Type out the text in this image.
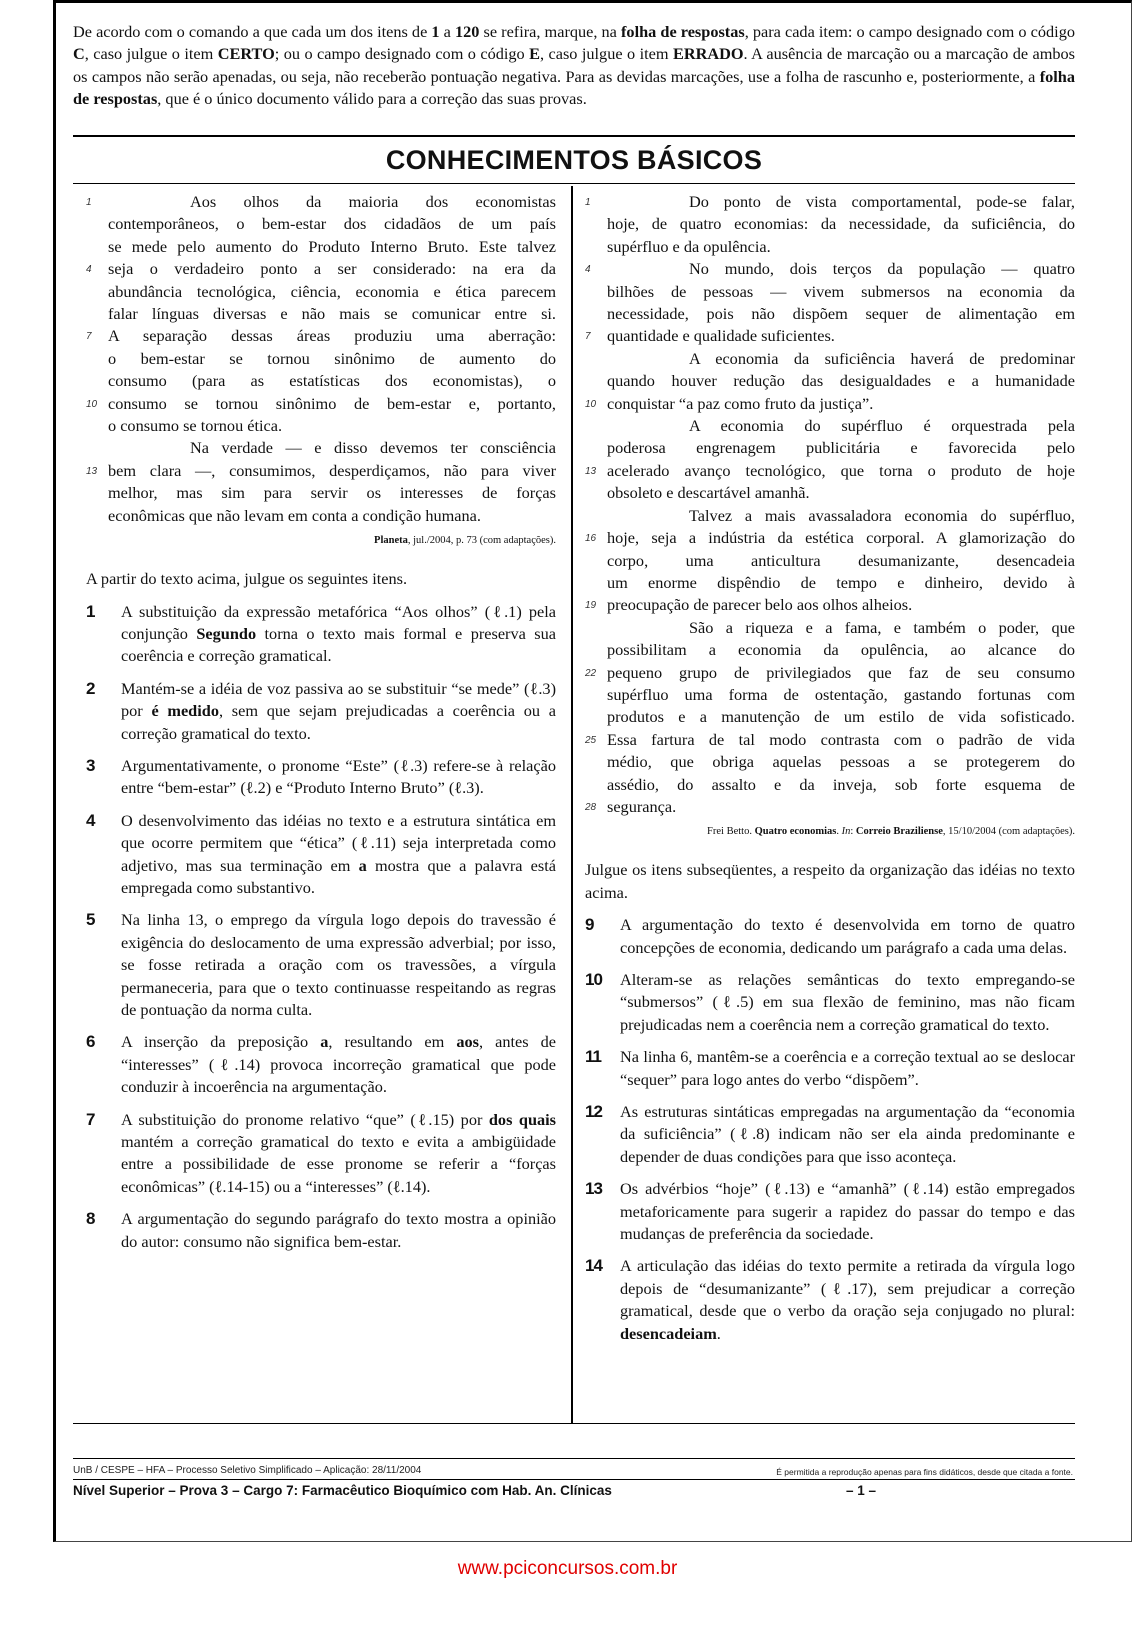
De acordo com o comando a que cada um dos itens de 1 a 120 se refira, marque, na folha de respostas, para cada item: o campo designado com o código C, caso julgue o item CERTO; ou o campo designado com o código E, caso julgue o item ERRADO. A ausência de marcação ou a marcação de ambos os campos não serão apenadas, ou seja, não receberão pontuação negativa. Para as devidas marcações, use a folha de rascunho e, posteriormente, a folha de respostas, que é o único documento válido para a correção das suas provas.
CONHECIMENTOS BÁSICOS
1	Aos olhos da maioria dos economistas
contemporâneos, o bem-estar dos cidadãos de um país
se mede pelo aumento do Produto Interno Bruto. Este talvez
4 seja o verdadeiro ponto a ser considerado: na era da
abundância tecnológica, ciência, economia e ética parecem
falar línguas diversas e não mais se comunicar entre si.
7 A separação dessas áreas produziu uma aberração:
o bem-estar se tornou sinônimo de aumento do
consumo (para as estatísticas dos economistas), o
10 consumo se tornou sinônimo de bem-estar e, portanto,
o consumo se tornou ética.
Na verdade — e disso devemos ter consciência
13 bem clara —, consumimos, desperdiçamos, não para viver
melhor, mas sim para servir os interesses de forças
econômicas que não levam em conta a condição humana.
Planeta, jul./2004, p. 73 (com adaptações).
A partir do texto acima, julgue os seguintes itens.
1 A substituição da expressão metafórica “Aos olhos” (ℓ.1) pela conjunção Segundo torna o texto mais formal e preserva sua coerência e correção gramatical.
2 Mantém-se a idéia de voz passiva ao se substituir “se mede” (ℓ.3) por é medido, sem que sejam prejudicadas a coerência ou a correção gramatical do texto.
3 Argumentativamente, o pronome “Este” (ℓ.3) refere-se à relação entre “bem-estar” (ℓ.2) e “Produto Interno Bruto” (ℓ.3).
4 O desenvolvimento das idéias no texto e a estrutura sintática em que ocorre permitem que “ética” (ℓ.11) seja interpretada como adjetivo, mas sua terminação em a mostra que a palavra está empregada como substantivo.
5 Na linha 13, o emprego da vírgula logo depois do travessão é exigência do deslocamento de uma expressão adverbial; por isso, se fosse retirada a oração com os travessões, a vírgula permaneceria, para que o texto continuasse respeitando as regras de pontuação da norma culta.
6 A inserção da preposição a, resultando em aos, antes de “interesses” (ℓ.14) provoca incorreção gramatical que pode conduzir à incoerência na argumentação.
7 A substituição do pronome relativo “que” (ℓ.15) por dos quais mantém a correção gramatical do texto e evita a ambigüidade entre a possibilidade de esse pronome se referir a “forças econômicas” (ℓ.14-15) ou a “interesses” (ℓ.14).
8 A argumentação do segundo parágrafo do texto mostra a opinião do autor: consumo não significa bem-estar.
1	Do ponto de vista comportamental, pode-se falar,
hoje, de quatro economias: da necessidade, da suficiência, do
supérfluo e da opulência.
4	No mundo, dois terços da população — quatro
bilhões de pessoas — vivem submersos na economia da
necessidade, pois não dispõem sequer de alimentação em
7 quantidade e qualidade suficientes.
A economia da suficiência haverá de predominar
quando houver redução das desigualdades e a humanidade
10 conquistar “a paz como fruto da justiça”.
A economia do supérfluo é orquestrada pela
poderosa engrenagem publicitária e favorecida pelo
13 acelerado avanço tecnológico, que torna o produto de hoje
obsoleto e descartável amanhã.
Talvez a mais avassaladora economia do supérfluo,
16 hoje, seja a indústria da estética corporal. A glamorização do
corpo, uma anticultura desumanizante, desencadeia
um enorme dispêndio de tempo e dinheiro, devido à
19 preocupação de parecer belo aos olhos alheios.
São a riqueza e a fama, e também o poder, que
possibilitam a economia da opulência, ao alcance do
22 pequeno grupo de privilegiados que faz de seu consumo
supérfluo uma forma de ostentação, gastando fortunas com
produtos e a manutenção de um estilo de vida sofisticado.
25 Essa fartura de tal modo contrasta com o padrão de vida
médio, que obriga aquelas pessoas a se protegerem do
assédio, do assalto e da inveja, sob forte esquema de
28 segurança.
Frei Betto. Quatro economias. In: Correio Braziliense, 15/10/2004 (com adaptações).
Julgue os itens subseqüentes, a respeito da organização das idéias no texto acima.
9 A argumentação do texto é desenvolvida em torno de quatro concepções de economia, dedicando um parágrafo a cada uma delas.
10 Alteram-se as relações semânticas do texto empregando-se “submersos” (ℓ.5) em sua flexão de feminino, mas não ficam prejudicadas nem a coerência nem a correção gramatical do texto.
11 Na linha 6, mantêm-se a coerência e a correção textual ao se deslocar “sequer” para logo antes do verbo “dispõem”.
12 As estruturas sintáticas empregadas na argumentação da “economia da suficiência” (ℓ.8) indicam não ser ela ainda predominante e depender de duas condições para que isso aconteça.
13 Os advérbios “hoje” (ℓ.13) e “amanhã” (ℓ.14) estão empregados metaforicamente para sugerir a rapidez do passar do tempo e das mudanças de preferência da sociedade.
14 A articulação das idéias do texto permite a retirada da vírgula logo depois de “desumanizante” (ℓ.17), sem prejudicar a correção gramatical, desde que o verbo da oração seja conjugado no plural: desencadeiam.
UnB / CESPE – HFA – Processo Seletivo Simplificado – Aplicação: 28/11/2004	É permitida a reprodução apenas para fins didáticos, desde que citada a fonte.
Nível Superior – Prova 3 – Cargo 7: Farmacêutico Bioquímico com Hab. An. Clínicas	– 1 –
www.pciconcursos.com.br
